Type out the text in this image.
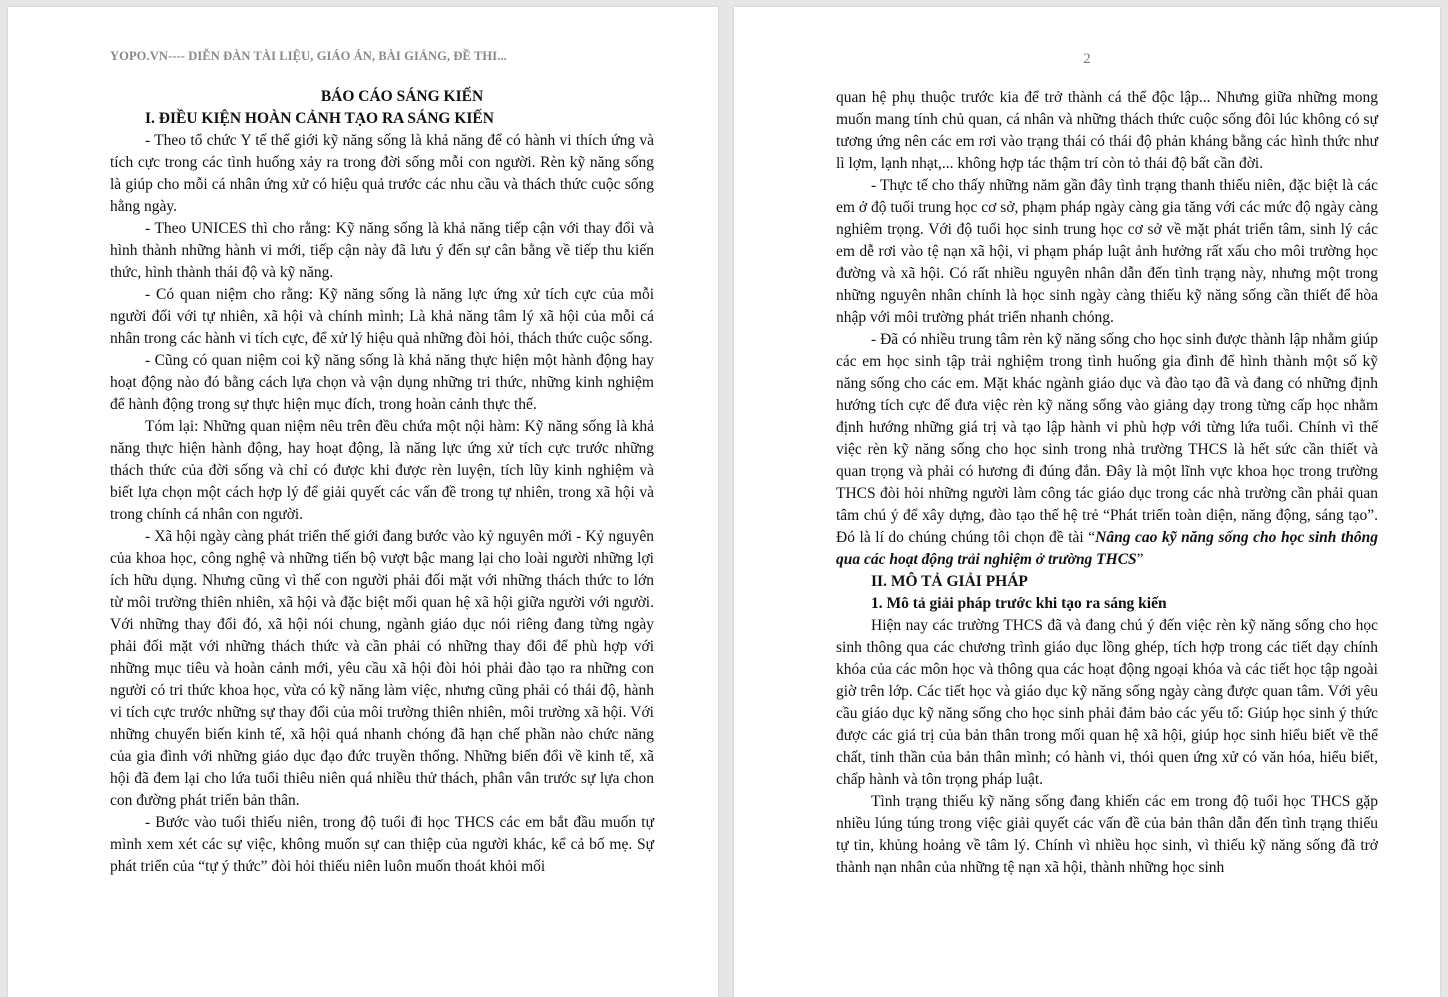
YOPO.VN---- DIỄN ĐÀN TÀI LIỆU, GIÁO ÁN, BÀI GIẢNG, ĐỀ THI...
BÁO CÁO SÁNG KIẾN
I. ĐIỀU KIỆN HOÀN CẢNH TẠO RA SÁNG KIẾN

- Theo tổ chức Y tế thế giới kỹ năng sống là khả năng để có hành vi thích ứng và tích cực trong các tình huống xảy ra trong đời sống mỗi con người. Rèn kỹ năng sống là giúp cho mỗi cá nhân ứng xử có hiệu quả trước các nhu cầu và thách thức cuộc sống hằng ngày.

- Theo UNICES thì cho rằng: Kỹ năng sống là khả năng tiếp cận với thay đổi và hình thành những hành vi mới, tiếp cận này đã lưu ý đến sự cân bằng về tiếp thu kiến thức, hình thành thái độ và kỹ năng.

- Có quan niệm cho rằng: Kỹ năng sống là năng lực ứng xử tích cực của mỗi người đối với tự nhiên, xã hội và chính mình; Là khả năng tâm lý xã hội của mỗi cá nhân trong các hành vi tích cực, để xử lý hiệu quả những đòi hỏi, thách thức cuộc sống.

- Cũng có quan niệm coi kỹ năng sống là khả năng thực hiện một hành động hay hoạt động nào đó bằng cách lựa chọn và vận dụng những tri thức, những kinh nghiệm để hành động trong sự thực hiện mục đích, trong hoàn cảnh thực thế.

Tóm lại: Những quan niệm nêu trên đều chứa một nội hàm: Kỹ năng sống là khả năng thực hiện hành động, hay hoạt động, là năng lực ứng xử tích cực trước những thách thức của đời sống và chỉ có được khi được rèn luyện, tích lũy kinh nghiệm và biết lựa chọn một cách hợp lý để giải quyết các vấn đề trong tự nhiên, trong xã hội và trong chính cá nhân con người.

- Xã hội ngày càng phát triển thế giới đang bước vào kỷ nguyên mới - Kỷ nguyên của khoa học, công nghệ và những tiến bộ vượt bậc mang lại cho loài người những lợi ích hữu dụng. Nhưng cũng vì thế con người phải đối mặt với những thách thức to lớn từ môi trường thiên nhiên, xã hội và đặc biệt mối quan hệ xã hội giữa người với người. Với những thay đổi đó, xã hội nói chung, ngành giáo dục nói riêng đang từng ngày phải đối mặt với những thách thức và cần phải có những thay đổi để phù hợp với những mục tiêu và hoàn cảnh mới, yêu cầu xã hội đòi hỏi phải đào tạo ra những con người có tri thức khoa học, vừa có kỹ năng làm việc, nhưng cũng phải có thái độ, hành vi tích cực trước những sự thay đổi của môi trường thiên nhiên, môi trường xã hội. Với những chuyển biến kinh tế, xã hội quá nhanh chóng đã hạn chế phần nào chức năng của gia đình với những giáo dục đạo đức truyền thống. Những biến đổi về kinh tế, xã hội đã đem lại cho lứa tuổi thiêu niên quá nhiều thử thách, phân vân trước sự lựa chon con đường phát triển bản thân.

- Bước vào tuổi thiếu niên, trong độ tuổi đi học THCS các em bắt đầu muốn tự mình xem xét các sự việc, không muốn sự can thiệp của người khác, kể cả bố mẹ. Sự phát triển của “tự ý thức” đòi hỏi thiếu niên luôn muốn thoát khỏi mối

2

quan hệ phụ thuộc trước kia để trở thành cá thể độc lập... Nhưng giữa những mong muốn mang tính chủ quan, cá nhân và những thách thức cuộc sống đôi lúc không có sự tương ứng nên các em rơi vào trạng thái có thái độ phản kháng bằng các hình thức như lì lợm, lạnh nhạt,... không hợp tác thậm trí còn tỏ thái độ bất cần đời.

- Thực tế cho thấy những năm gần đây tình trạng thanh thiếu niên, đặc biệt là các em ở độ tuổi trung học cơ sở, phạm pháp ngày càng gia tăng với các mức độ ngày càng nghiêm trọng. Với độ tuổi học sinh trung học cơ sở về mặt phát triển tâm, sinh lý các em dễ rơi vào tệ nạn xã hội, vi phạm pháp luật ảnh hưởng rất xấu cho môi trường học đường và xã hội. Có rất nhiều nguyên nhân dẫn đến tình trạng này, nhưng một trong những nguyên nhân chính là học sinh ngày càng thiếu kỹ năng sống cần thiết để hòa nhập với môi trường phát triển nhanh chóng.

- Đã có nhiều trung tâm rèn kỹ năng sống cho học sinh được thành lập nhằm giúp các em học sinh tập trải nghiệm trong tình huống gia đình để hình thành một số kỹ năng sống cho các em. Mặt khác ngành giáo dục và đào tạo đã và đang có những định hướng tích cực để đưa việc rèn kỹ năng sống vào giảng dạy trong từng cấp học nhằm định hướng những giá trị và tạo lập hành vi phù hợp với từng lứa tuổi. Chính vì thế việc rèn kỹ năng sống cho học sinh trong nhà trường THCS là hết sức cần thiết và quan trọng và phải có hương đi đúng đắn. Đây là một lĩnh vực khoa học trong trường THCS đòi hỏi những người làm công tác giáo dục trong các nhà trường cần phải quan tâm chú ý để xây dựng, đào tạo thế hệ trẻ “Phát triển toàn diện, năng động, sáng tạo”. Đó là lí do chúng chúng tôi chọn đề tài “Nâng cao kỹ năng sống cho học sinh thông qua các hoạt động trải nghiệm ở trường THCS”

II. MÔ TẢ GIẢI PHÁP
1. Mô tả giải pháp trước khi tạo ra sáng kiến

Hiện nay các trường THCS đã và đang chú ý đến việc rèn kỹ năng sống cho học sinh thông qua các chương trình giáo dục lồng ghép, tích hợp trong các tiết dạy chính khóa của các môn học và thông qua các hoạt động ngoại khóa và các tiết học tập ngoài giờ trên lớp. Các tiết học và giáo dục kỹ năng sống ngày càng được quan tâm. Với yêu cầu giáo dục kỹ năng sống cho học sinh phải đảm bảo các yếu tố: Giúp học sinh ý thức được các giá trị của bản thân trong mối quan hệ xã hội, giúp học sinh hiểu biết về thể chất, tinh thần của bản thân mình; có hành vi, thói quen ứng xử có văn hóa, hiểu biết, chấp hành và tôn trọng pháp luật.

Tình trạng thiếu kỹ năng sống đang khiến các em trong độ tuổi học THCS gặp nhiều lúng túng trong việc giải quyết các vấn đề của bản thân dẫn đến tình trạng thiếu tự tin, khủng hoảng về tâm lý. Chính vì nhiều học sinh, vì thiếu kỹ năng sống đã trở thành nạn nhân của những tệ nạn xã hội, thành những học sinh
